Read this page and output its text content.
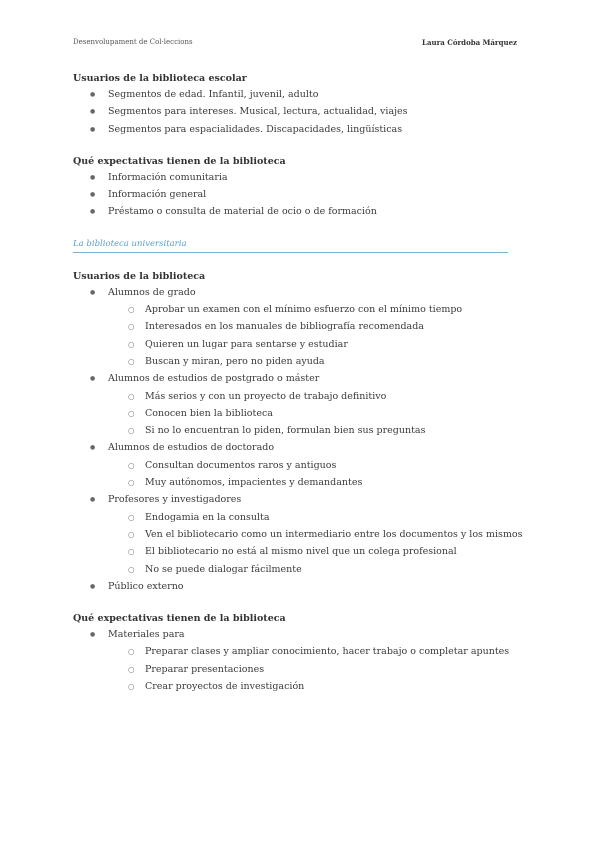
Desenvolupament de Col·leccions	Laura Córdoba Márquez

Usuarios de la biblioteca escolar

● Segmentos de edad. Infantil, juvenil, adulto
● Segmentos para intereses. Musical, lectura, actualidad, viajes
● Segmentos para espacialidades. Discapacidades, lingüísticas

Qué expectativas tienen de la biblioteca

● Información comunitaria
● Información general
● Préstamo o consulta de material de ocio o de formación
La biblioteca universitaria

Usuarios de la biblioteca

● Alumnos de grado
○ Aprobar un examen con el mínimo esfuerzo con el mínimo tiempo
○ Interesados en los manuales de bibliografía recomendada
○ Quieren un lugar para sentarse y estudiar
○ Buscan y miran, pero no piden ayuda
● Alumnos de estudios de postgrado o máster
○ Más serios y con un proyecto de trabajo definitivo
○ Conocen bien la biblioteca
○ Si no lo encuentran lo piden, formulan bien sus preguntas
● Alumnos de estudios de doctorado
○ Consultan documentos raros y antiguos
○ Muy autónomos, impacientes y demandantes
● Profesores y investigadores
○ Endogamia en la consulta
○ Ven el bibliotecario como un intermediario entre los documentos y los mismos
○ El bibliotecario no está al mismo nivel que un colega profesional
○ No se puede dialogar fácilmente
● Público externo

Qué expectativas tienen de la biblioteca

● Materiales para
○ Preparar clases y ampliar conocimiento, hacer trabajo o completar apuntes
○ Preparar presentaciones
○ Crear proyectos de investigación
